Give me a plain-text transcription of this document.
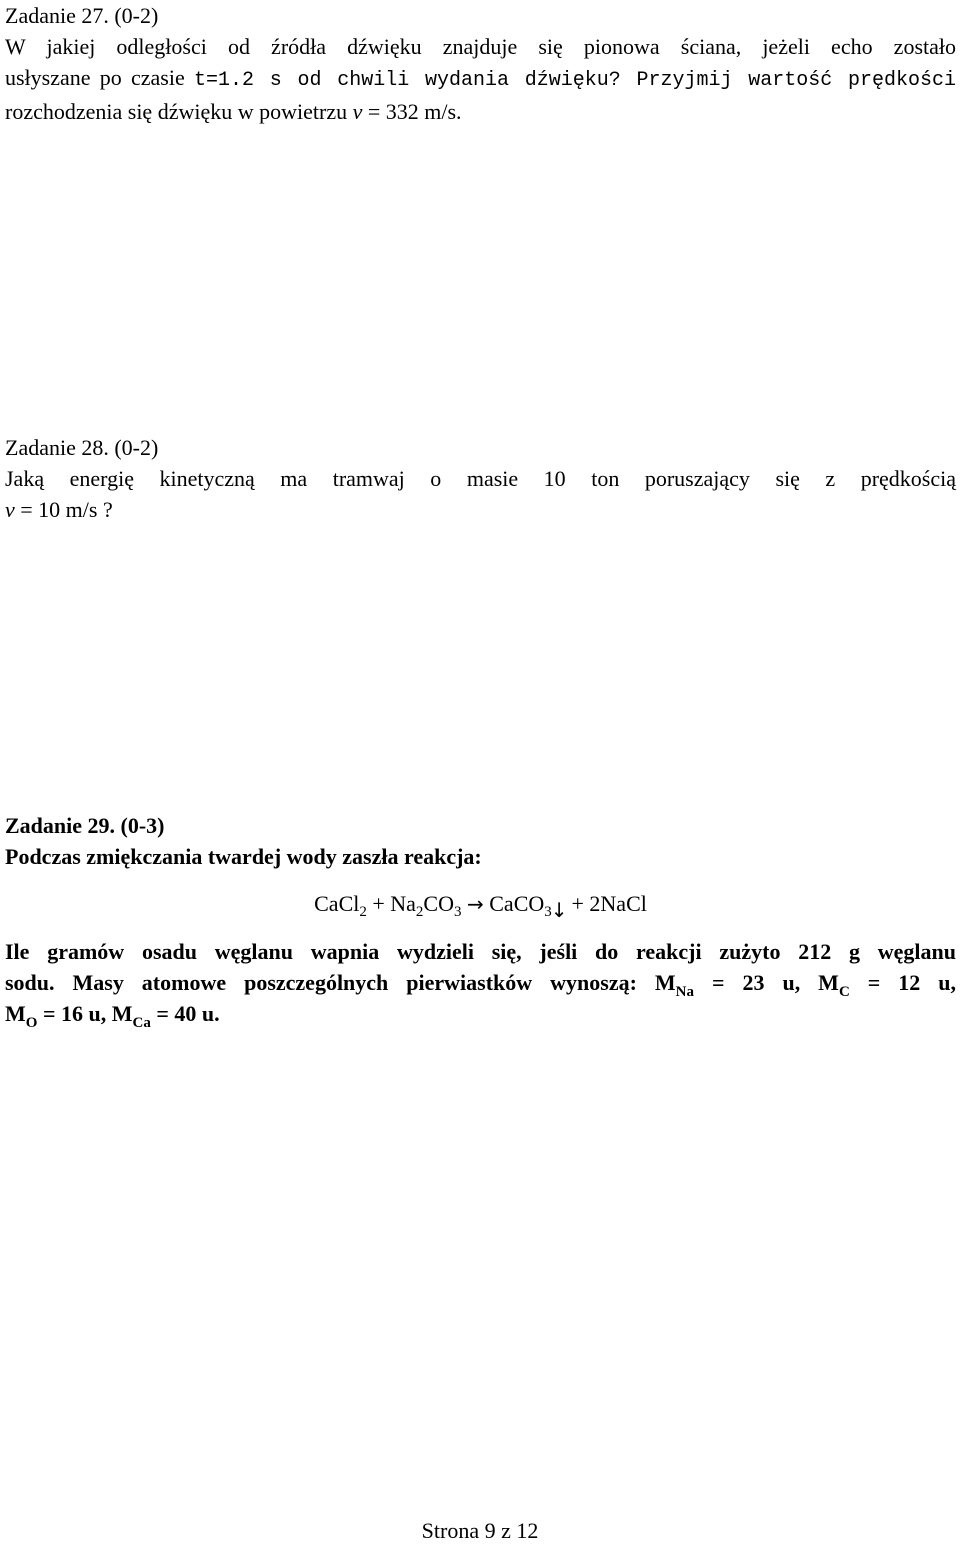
Zadanie 27. (0-2)
W jakiej odległości od źródła dźwięku znajduje się pionowa ściana, jeżeli echo zostało
usłyszane po czasie t=1.2 s od chwili wydania dźwięku? Przyjmij wartość prędkości
rozchodzenia się dźwięku w powietrzu v = 332 m/s.
Zadanie 28. (0-2)
Jaką energię kinetyczną ma tramwaj o masie 10 ton poruszający się z prędkością
v = 10 m/s ?
Zadanie 29. (0-3)
Podczas zmiękczania twardej wody zaszła reakcja:
CaCl$_2$ + $Na_2CO_3$ → CaCO$_3$↓ + 2NaCl
Ile gramów osadu węglanu wapnia wydzieli się, jeśli do reakcji zużyto 212 g węglanu
sodu. Masy atomowe poszczególnych pierwiastków wynoszą: $M_{Na} = 23$ u, $M_C = 12$ u,
$M_O = 16$ u, $M_{Ca} = 40$ u.
Strona 9 z 12
